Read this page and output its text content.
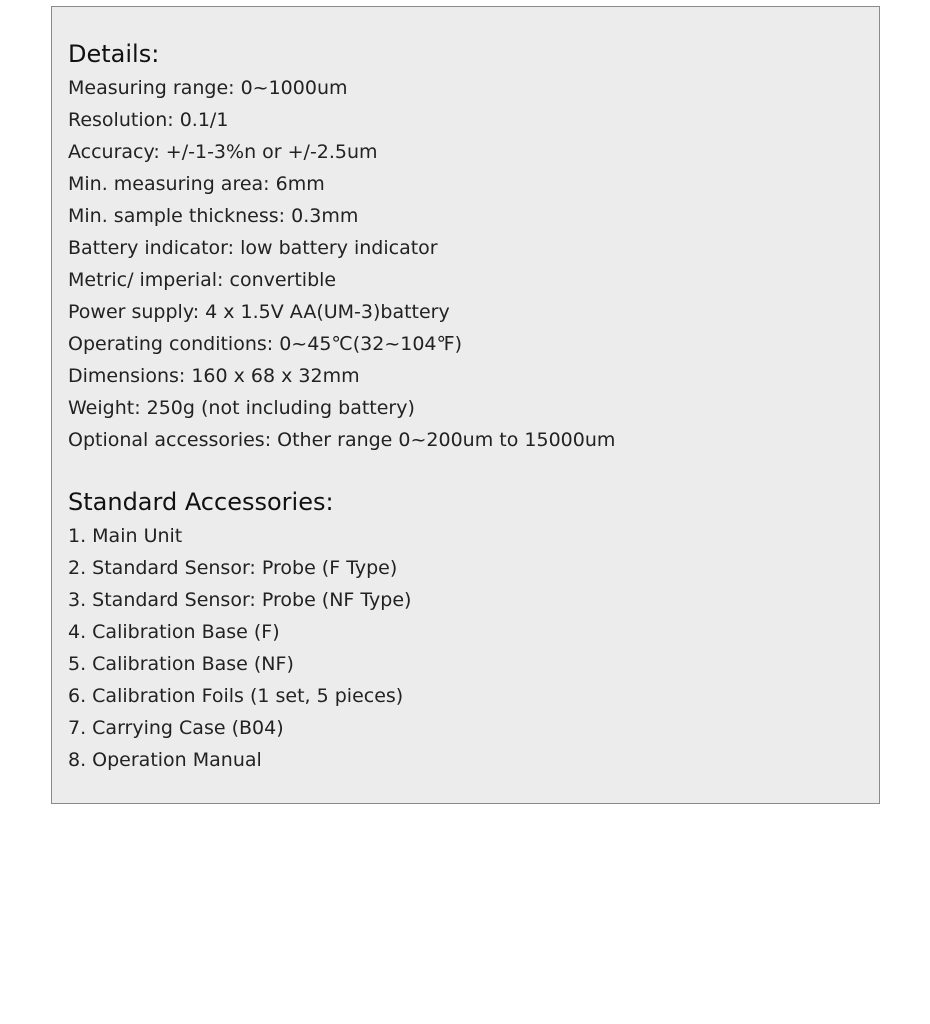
Details:
Measuring range: 0~1000um
Resolution: 0.1/1
Accuracy: +/-1-3%n or +/-2.5um
Min. measuring area: 6mm
Min. sample thickness: 0.3mm
Battery indicator: low battery indicator
Metric/ imperial: convertible
Power supply: 4 x 1.5V AA(UM-3)battery
Operating conditions: 0~45℃(32~104℉)
Dimensions: 160 x 68 x 32mm
Weight: 250g (not including battery)
Optional accessories: Other range 0~200um to 15000um
Standard Accessories:
1. Main Unit
2. Standard Sensor: Probe (F Type)
3. Standard Sensor: Probe (NF Type)
4. Calibration Base (F)
5. Calibration Base (NF)
6. Calibration Foils (1 set, 5 pieces)
7. Carrying Case (B04)
8. Operation Manual
